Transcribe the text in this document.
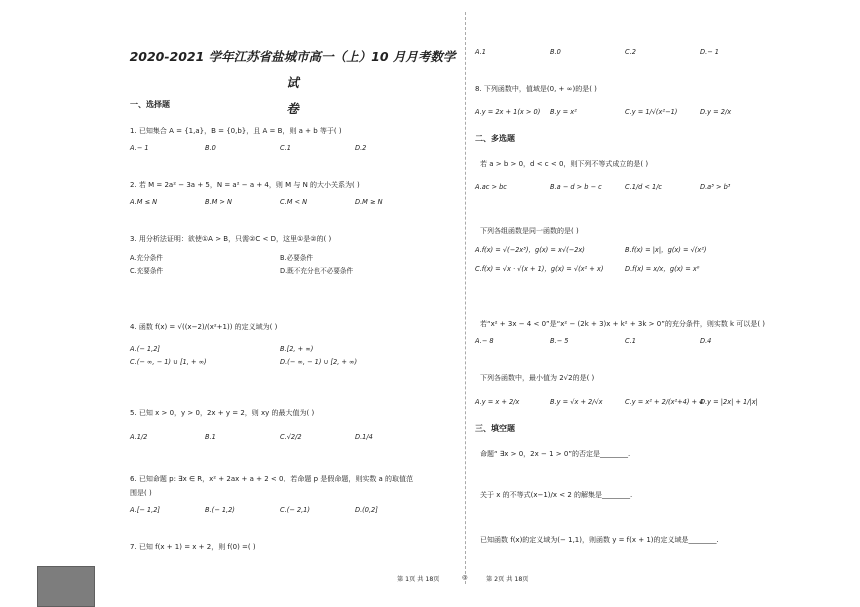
2020-2021 学年江苏省盐城市高一（上）10 月月考数学试
卷
一、选择题
1. 已知集合 A = {1,a}，B = {0,b}，且 A = B，则 a + b 等于( )
A.− 1	B.0	C.1	D.2
2. 若 M = 2a² − 3a + 5，N = a² − a + 4，则 M 与 N 的大小关系为( )
A.M ≤ N	B.M > N	C.M < N	D.M ≥ N
3. 用分析法证明：欲使①A > B，只需②C < D，这里①是②的( )
A.充分条件	B.必要条件
C.充要条件	D.既不充分也不必要条件
4. 函数 f(x) = √((x−2)/(x²+1)) 的定义域为( )
A.(− 1,2]	B.[2, + ∞)
C.(− ∞, − 1) ∪ [1, + ∞)	D.(− ∞, − 1) ∪ [2, + ∞)
5. 已知 x > 0，y > 0，2x + y = 2，则 xy 的最大值为( )
A.1/2	B.1	C.√2/2	D.1/4
6. 已知命题 p: ∃x ∈ R，x² + 2ax + a + 2 < 0．若命题 p 是假命题，则实数 a 的取值范
围是( )
A.[− 1,2]	B.(− 1,2)	C.(− 2,1)	D.(0,2]
7. 已知 f(x + 1) = x + 2，则 f(0) =( )
A.1	B.0	C.2	D.− 1
8. 下列函数中，值域是(0, + ∞)的是( )
A.y = 2x + 1(x > 0) B.y = x²	C.y = 1/√(x²−1)	D.y = 2/x
二、多选题
若 a > b > 0，d < c < 0，则下列不等式成立的是( )
A.ac > bc	B.a − d > b − c	C.1/d < 1/c	D.a³ > b³
下列各组函数是同一函数的是( )
A.f(x) = √(−2x³)，g(x) = x√(−2x)	B.f(x) = |x|，g(x) = √(x²)
C.f(x) = √x · √(x + 1)，g(x) = √(x² + x)	D.f(x) = x/x，g(x) = x⁰
若“x² + 3x − 4 < 0”是“x² − (2k + 3)x + k² + 3k > 0”的充分条件，则实数 k 可以是( )
A.− 8	B.− 5	C.1	D.4
下列各函数中，最小值为 2√2的是( )
A.y = x + 2/x	B.y = √x + 2/√x	C.y = x² + 2/(x²+4) + 4
D.y = |2x| + 1/|x|
三、填空题
命题“ ∃x > 0，2x − 1 > 0”的否定是________.
关于 x 的不等式(x−1)/x < 2 的解集是________.
已知函数 f(x)的定义域为(− 1,1)，则函数 y = f(x + 1)的定义域是________.
第 1页 共 18页	◎	第 2页 共 18页
